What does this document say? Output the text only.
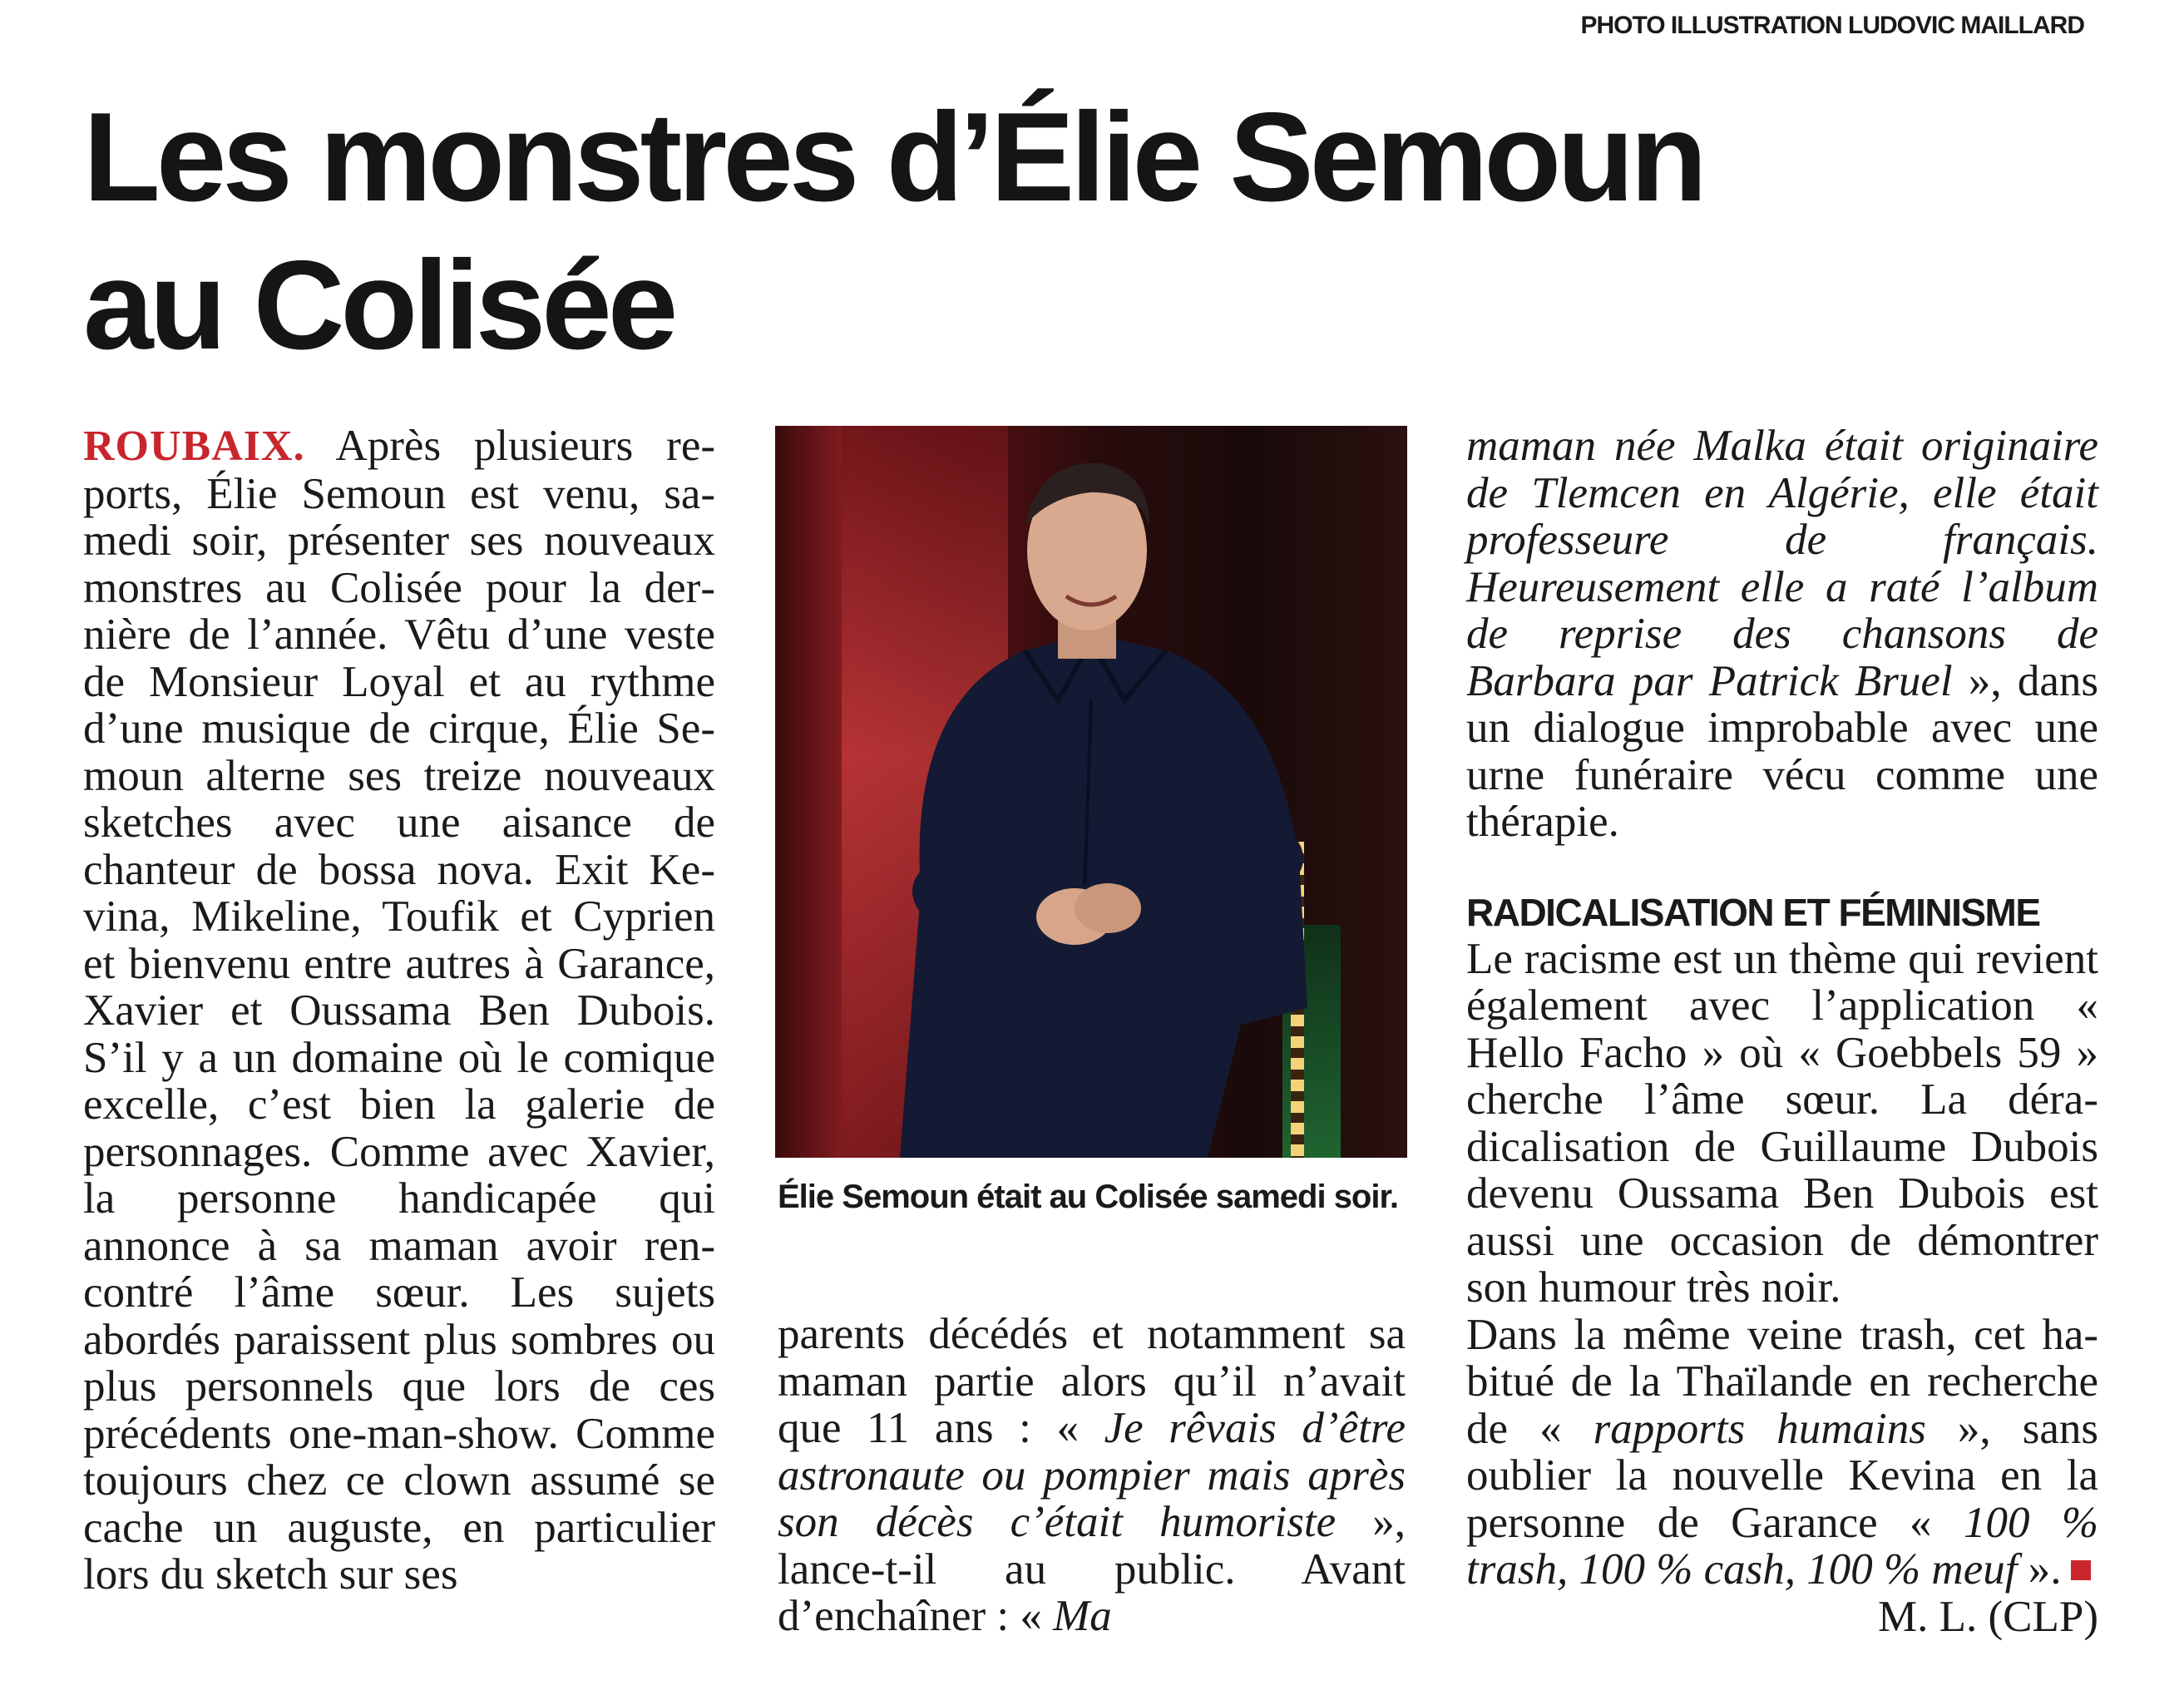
PHOTO ILLUSTRATION LUDOVIC MAILLARD
Les monstres d’Élie Semoun
au Colisée

ROUBAIX. Après plusieurs reports, Élie Semoun est venu, samedi soir, présenter ses nouveaux monstres au Colisée pour la dernière de l’année. Vêtu d’une veste de Monsieur Loyal et au rythme d’une musique de cirque, Élie Semoun alterne ses treize nouveaux sketches avec une aisance de chanteur de bossa nova. Exit Kevina, Mikeline, Toufik et Cyprien et bienvenu entre autres à Garance, Xavier et Oussama Ben Dubois. S’il y a un domaine où le comique excelle, c’est bien la galerie de personnages. Comme avec Xavier, la personne handicapée qui annonce à sa maman avoir rencontré l’âme sœur. Les sujets abordés paraissent plus sombres ou plus personnels que lors de ces précédents one-man-show. Comme toujours chez ce clown assumé se cache un auguste, en particulier lors du sketch sur ses

Élie Semoun était au Colisée samedi soir.

parents décédés et notamment sa maman partie alors qu’il n’avait que 11 ans : « Je rêvais d’être astronaute ou pompier mais après son décès c’était humoriste », lance-t-il au public. Avant d’enchaîner : « Ma

maman née Malka était originaire de Tlemcen en Algérie, elle était professeure de français. Heureusement elle a raté l’album de reprise des chansons de Barbara par Patrick Bruel », dans un dialogue improbable avec une urne funéraire vécu comme une thérapie.

RADICALISATION ET FÉMINISME

Le racisme est un thème qui revient également avec l’application « Hello Facho » où « Goebbels 59 » cherche l’âme sœur. La déradicalisation de Guillaume Dubois devenu Oussama Ben Dubois est aussi une occasion de démontrer son humour très noir.

Dans la même veine trash, cet habitué de la Thaïlande en recherche de « rapports humains », sans oublier la nouvelle Kevina en la personne de Garance « 100 % trash, 100 % cash, 100 % meuf ».

M. L. (CLP)
